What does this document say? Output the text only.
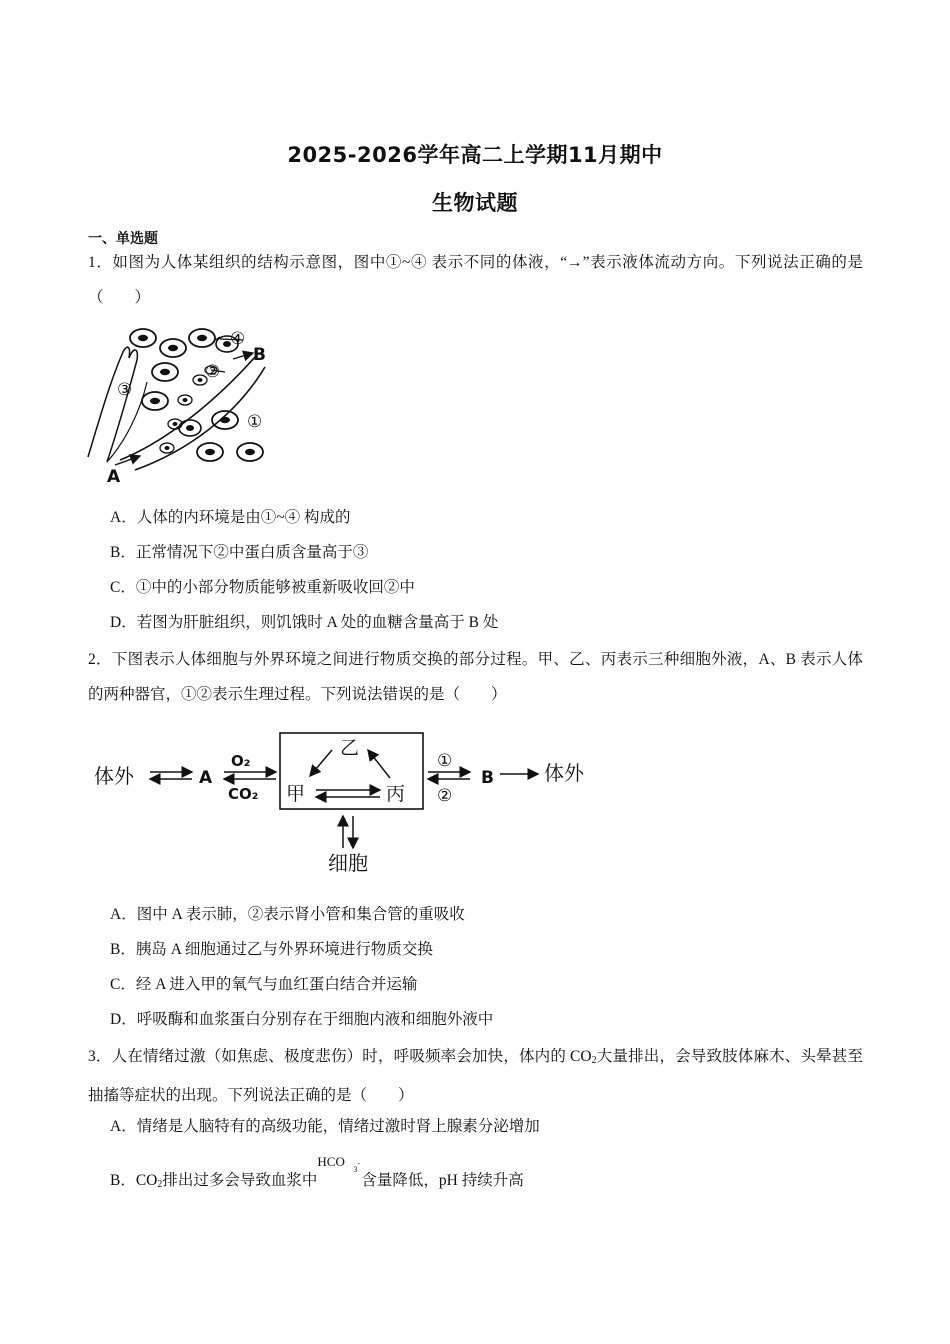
2025-2026学年高二上学期11月期中
生物试题
一、单选题
1．如图为人体某组织的结构示意图，图中①~④ 表示不同的体液，“→”表示液体流动方向。下列说法正确的是（　　）
④
B
③
②
①
A
A．人体的内环境是由①~④ 构成的
B．正常情况下②中蛋白质含量高于③
C．①中的小部分物质能够被重新吸收回②中
D．若图为肝脏组织，则饥饿时 A 处的血糖含量高于 B 处
2．下图表示人体细胞与外界环境之间进行物质交换的部分过程。甲、乙、丙表示三种细胞外液，A、B 表示人体的两种器官，①②表示生理过程。下列说法错误的是（　　）
体外	A
O₂
CO₂
乙
甲	丙
①
②
B	体外
细胞
A．图中 A 表示肺，②表示肾小管和集合管的重吸收
B．胰岛 A 细胞通过乙与外界环境进行物质交换
C．经 A 进入甲的氧气与血红蛋白结合并运输
D．呼吸酶和血浆蛋白分别存在于细胞内液和细胞外液中
3．人在情绪过激（如焦虑、极度悲伤）时，呼吸频率会加快，体内的 $CO_2$大量排出，会导致肢体麻木、头晕甚至抽搐等症状的出现。下列说法正确的是（　　）
A．情绪是人脑特有的高级功能，情绪过激时肾上腺素分泌增加
B．$CO_2$排出过多会导致血浆中
HCO
3-
含量降低，pH 持续升高
